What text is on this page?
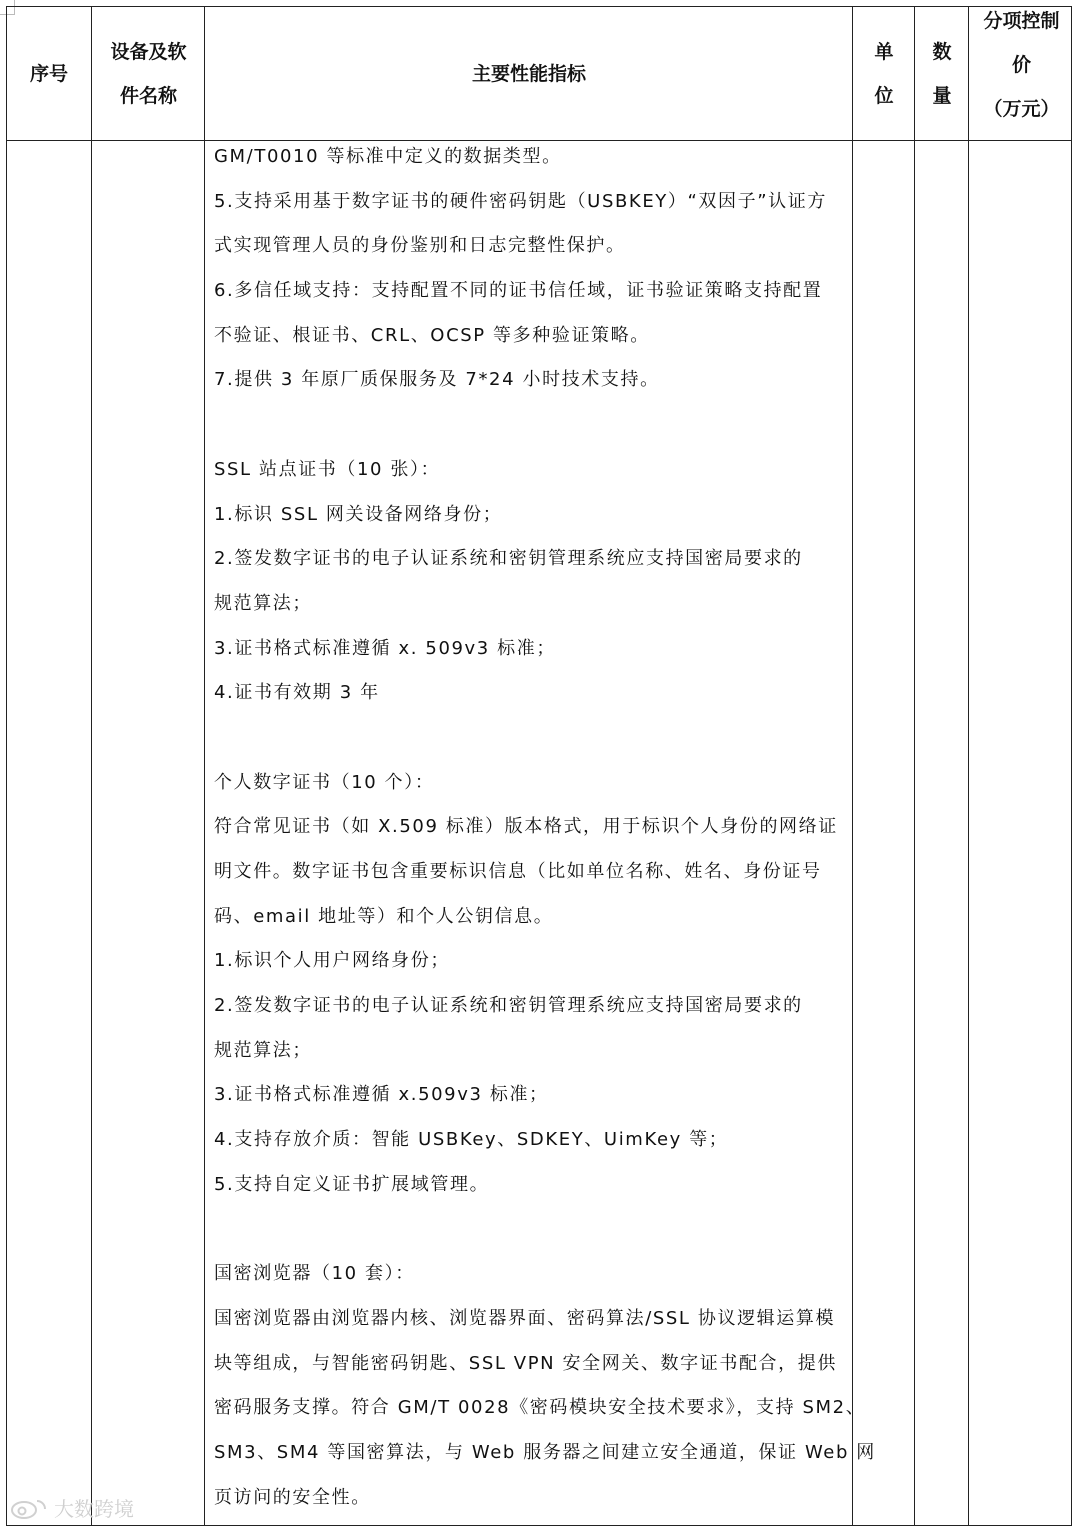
序号
设备及软
件名称
主要性能指标
单
位
数
量
分项控制
价
（万元）
GM/T0010 等标准中定义的数据类型。
5.支持采用基于数字证书的硬件密码钥匙（USBKEY）“双因子”认证方
式实现管理人员的身份鉴别和日志完整性保护。
6.多信任域支持：支持配置不同的证书信任域，证书验证策略支持配置
不验证、根证书、CRL、OCSP 等多种验证策略。
7.提供 3 年原厂质保服务及 7*24 小时技术支持。
SSL 站点证书（10 张）：
1.标识 SSL 网关设备网络身份；
2.签发数字证书的电子认证系统和密钥管理系统应支持国密局要求的
规范算法；
3.证书格式标准遵循 x. 509v3 标准；
4.证书有效期 3 年
个人数字证书（10 个）：
符合常见证书（如 X.509 标准）版本格式，用于标识个人身份的网络证
明文件。数字证书包含重要标识信息（比如单位名称、姓名、身份证号
码、email 地址等）和个人公钥信息。
1.标识个人用户网络身份；
2.签发数字证书的电子认证系统和密钥管理系统应支持国密局要求的
规范算法；
3.证书格式标准遵循 x.509v3 标准；
4.支持存放介质：智能 USBKey、SDKEY、UimKey 等；
5.支持自定义证书扩展域管理。
国密浏览器（10 套）：
国密浏览器由浏览器内核、浏览器界面、密码算法/SSL 协议逻辑运算模
块等组成，与智能密码钥匙、SSL VPN 安全网关、数字证书配合，提供
密码服务支撑。符合 GM/T 0028《密码模块安全技术要求》，支持 SM2、
SM3、SM4 等国密算法，与 Web 服务器之间建立安全通道，保证 Web 网
页访问的安全性。
大数跨境
